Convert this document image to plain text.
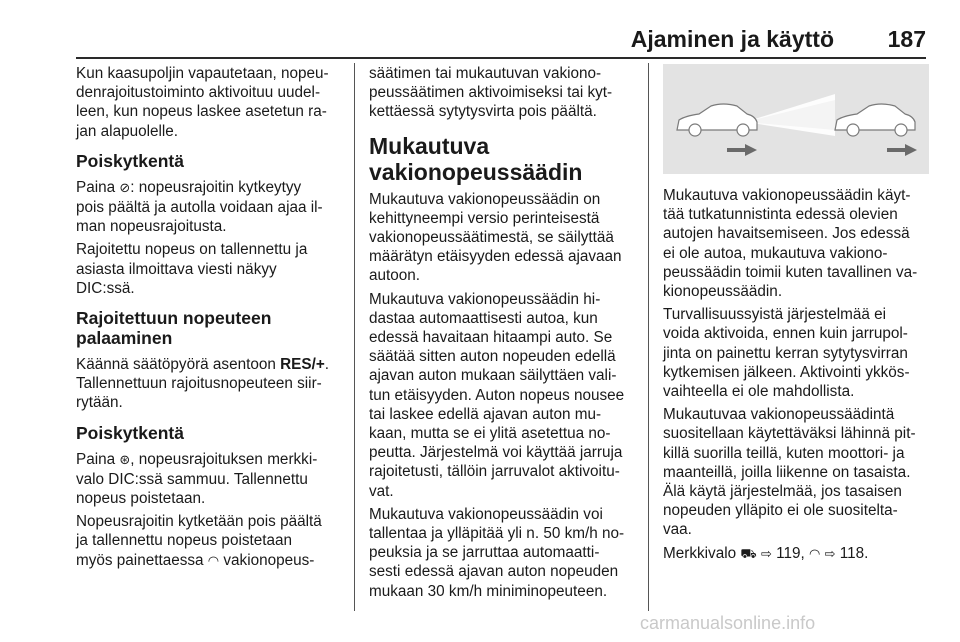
Ajaminen ja käyttö 187

Kun kaasupoljin vapautetaan, nopeu-
denrajoitustoiminto aktivoituu uudel-
leen, kun nopeus laskee asetetun ra-
jan alapuolelle.

Poiskytkentä

Paina ⊘: nopeusrajoitin kytkeytyy
pois päältä ja autolla voidaan ajaa il-
man nopeusrajoitusta.

Rajoitettu nopeus on tallennettu ja
asiasta ilmoittava viesti näkyy
DIC:ssä.

Rajoitettuun nopeuteen
palaaminen

Käännä säätöpyörä asentoon RES/+.
Tallennettuun rajoitusnopeuteen siir-
rytään.

Poiskytkentä

Paina ⊛, nopeusrajoituksen merkki-
valo DIC:ssä sammuu. Tallennettu
nopeus poistetaan.

Nopeusrajoitin kytketään pois päältä
ja tallennettu nopeus poistetaan
myös painettaessa ◠ vakionopeus-

säätimen tai mukautuvan vakiono-
peussäätimen aktivoimiseksi tai kyt-
kettäessä sytytysvirta pois päältä.

Mukautuva
vakionopeussäädin

Mukautuva vakionopeussäädin on
kehittyneempi versio perinteisestä
vakionopeussäätimestä, se säilyttää
määrätyn etäisyyden edessä ajavaan
autoon.

Mukautuva vakionopeussäädin hi-
dastaa automaattisesti autoa, kun
edessä havaitaan hitaampi auto. Se
säätää sitten auton nopeuden edellä
ajavan auton mukaan säilyttäen vali-
tun etäisyyden. Auton nopeus nousee
tai laskee edellä ajavan auton mu-
kaan, mutta se ei ylitä asetettua no-
peutta. Järjestelmä voi käyttää jarruja
rajoitetusti, tällöin jarruvalot aktivoitu-
vat.

Mukautuva vakionopeussäädin voi
tallentaa ja ylläpitää yli n. 50 km/h no-
peuksia ja se jarruttaa automaatti-
sesti edessä ajavan auton nopeuden
mukaan 30 km/h miniminopeuteen.

Mukautuva vakionopeussäädin käyt-
tää tutkatunnistinta edessä olevien
autojen havaitsemiseen. Jos edessä
ei ole autoa, mukautuva vakiono-
peussäädin toimii kuten tavallinen va-
kionopeussäädin.

Turvallisuussyistä järjestelmää ei
voida aktivoida, ennen kuin jarrupol-
jinta on painettu kerran sytytysvirran
kytkemisen jälkeen. Aktivointi ykkös-
vaihteella ei ole mahdollista.

Mukautuvaa vakionopeussäädintä
suositellaan käytettäväksi lähinnä pit-
killä suorilla teillä, kuten moottori- ja
maanteillä, joilla liikenne on tasaista.
Älä käytä järjestelmää, jos tasaisen
nopeuden ylläpito ei ole suositelta-
vaa.

Merkkivalo ⛟ ⇨ 119, ◠ ⇨ 118.

carmanualsonline.info
